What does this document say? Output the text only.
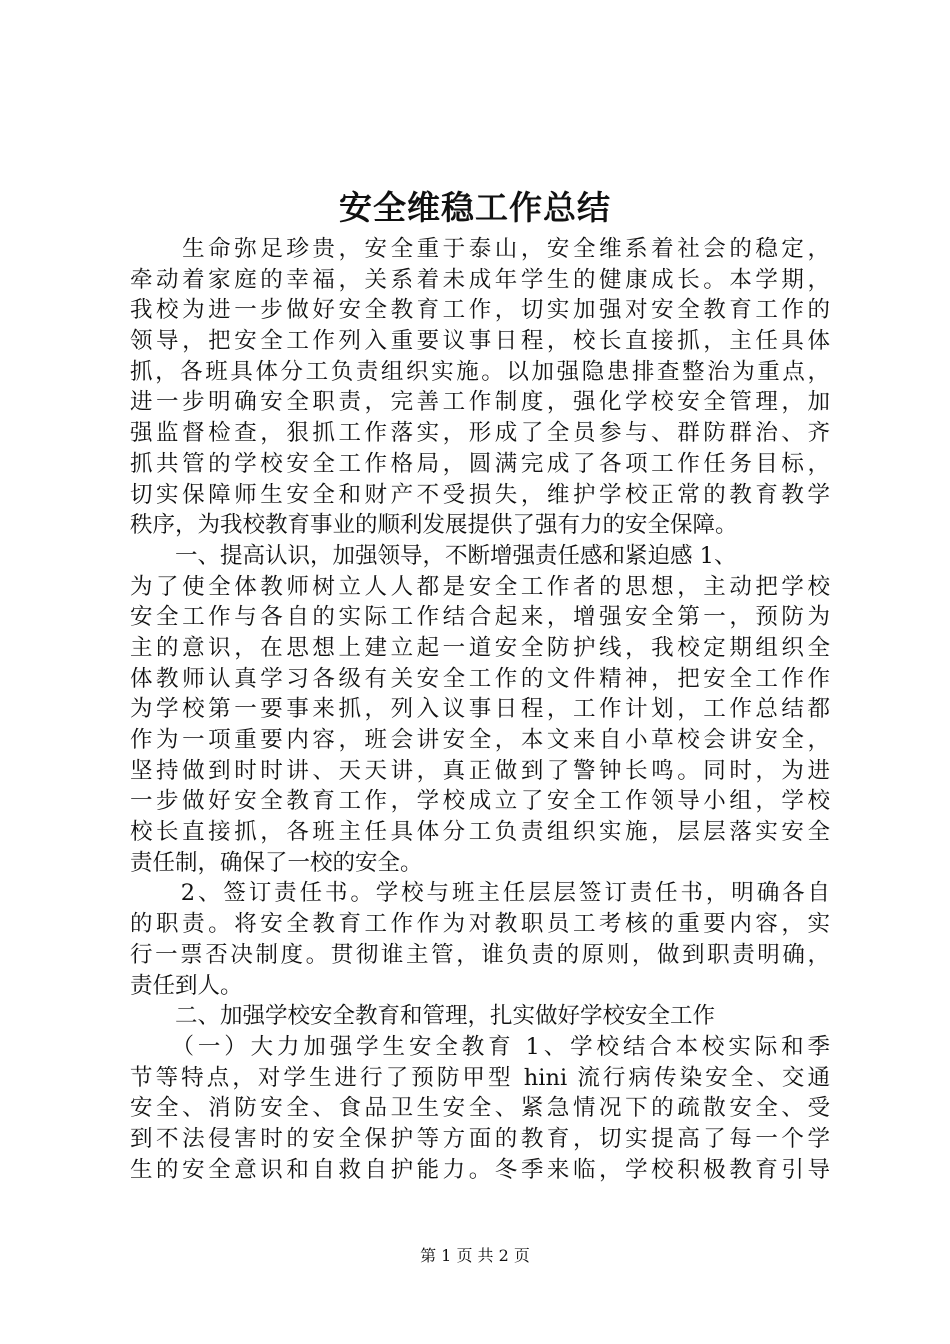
安全维稳工作总结
　　生命弥足珍贵，安全重于泰山，安全维系着社会的稳定，
牵动着家庭的幸福，关系着未成年学生的健康成长。本学期，
我校为进一步做好安全教育工作，切实加强对安全教育工作的
领导，把安全工作列入重要议事日程，校长直接抓，主任具体
抓，各班具体分工负责组织实施。以加强隐患排查整治为重点，
进一步明确安全职责，完善工作制度，强化学校安全管理，加
强监督检查，狠抓工作落实，形成了全员参与、群防群治、齐
抓共管的学校安全工作格局，圆满完成了各项工作任务目标，
切实保障师生安全和财产不受损失，维护学校正常的教育教学
秩序，为我校教育事业的顺利发展提供了强有力的安全保障。
　　一、提高认识，加强领导，不断增强责任感和紧迫感 1、
为了使全体教师树立人人都是安全工作者的思想，主动把学校
安全工作与各自的实际工作结合起来，增强安全第一，预防为
主的意识，在思想上建立起一道安全防护线，我校定期组织全
体教师认真学习各级有关安全工作的文件精神，把安全工作作
为学校第一要事来抓，列入议事日程，工作计划，工作总结都
作为一项重要内容，班会讲安全，本文来自小草校会讲安全，
坚持做到时时讲、天天讲，真正做到了警钟长鸣。同时，为进
一步做好安全教育工作，学校成立了安全工作领导小组，学校
校长直接抓，各班主任具体分工负责组织实施，层层落实安全
责任制，确保了一校的安全。
　　2、签订责任书。学校与班主任层层签订责任书，明确各自
的职责。将安全教育工作作为对教职员工考核的重要内容，实
行一票否决制度。贯彻谁主管，谁负责的原则，做到职责明确，
责任到人。
　　二、加强学校安全教育和管理，扎实做好学校安全工作
　　（一）大力加强学生安全教育 1、学校结合本校实际和季
节等特点，对学生进行了预防甲型 hini 流行病传染安全、交通
安全、消防安全、食品卫生安全、紧急情况下的疏散安全、受
到不法侵害时的安全保护等方面的教育，切实提高了每一个学
生的安全意识和自救自护能力。冬季来临，学校积极教育引导
第 1 页 共 2 页
